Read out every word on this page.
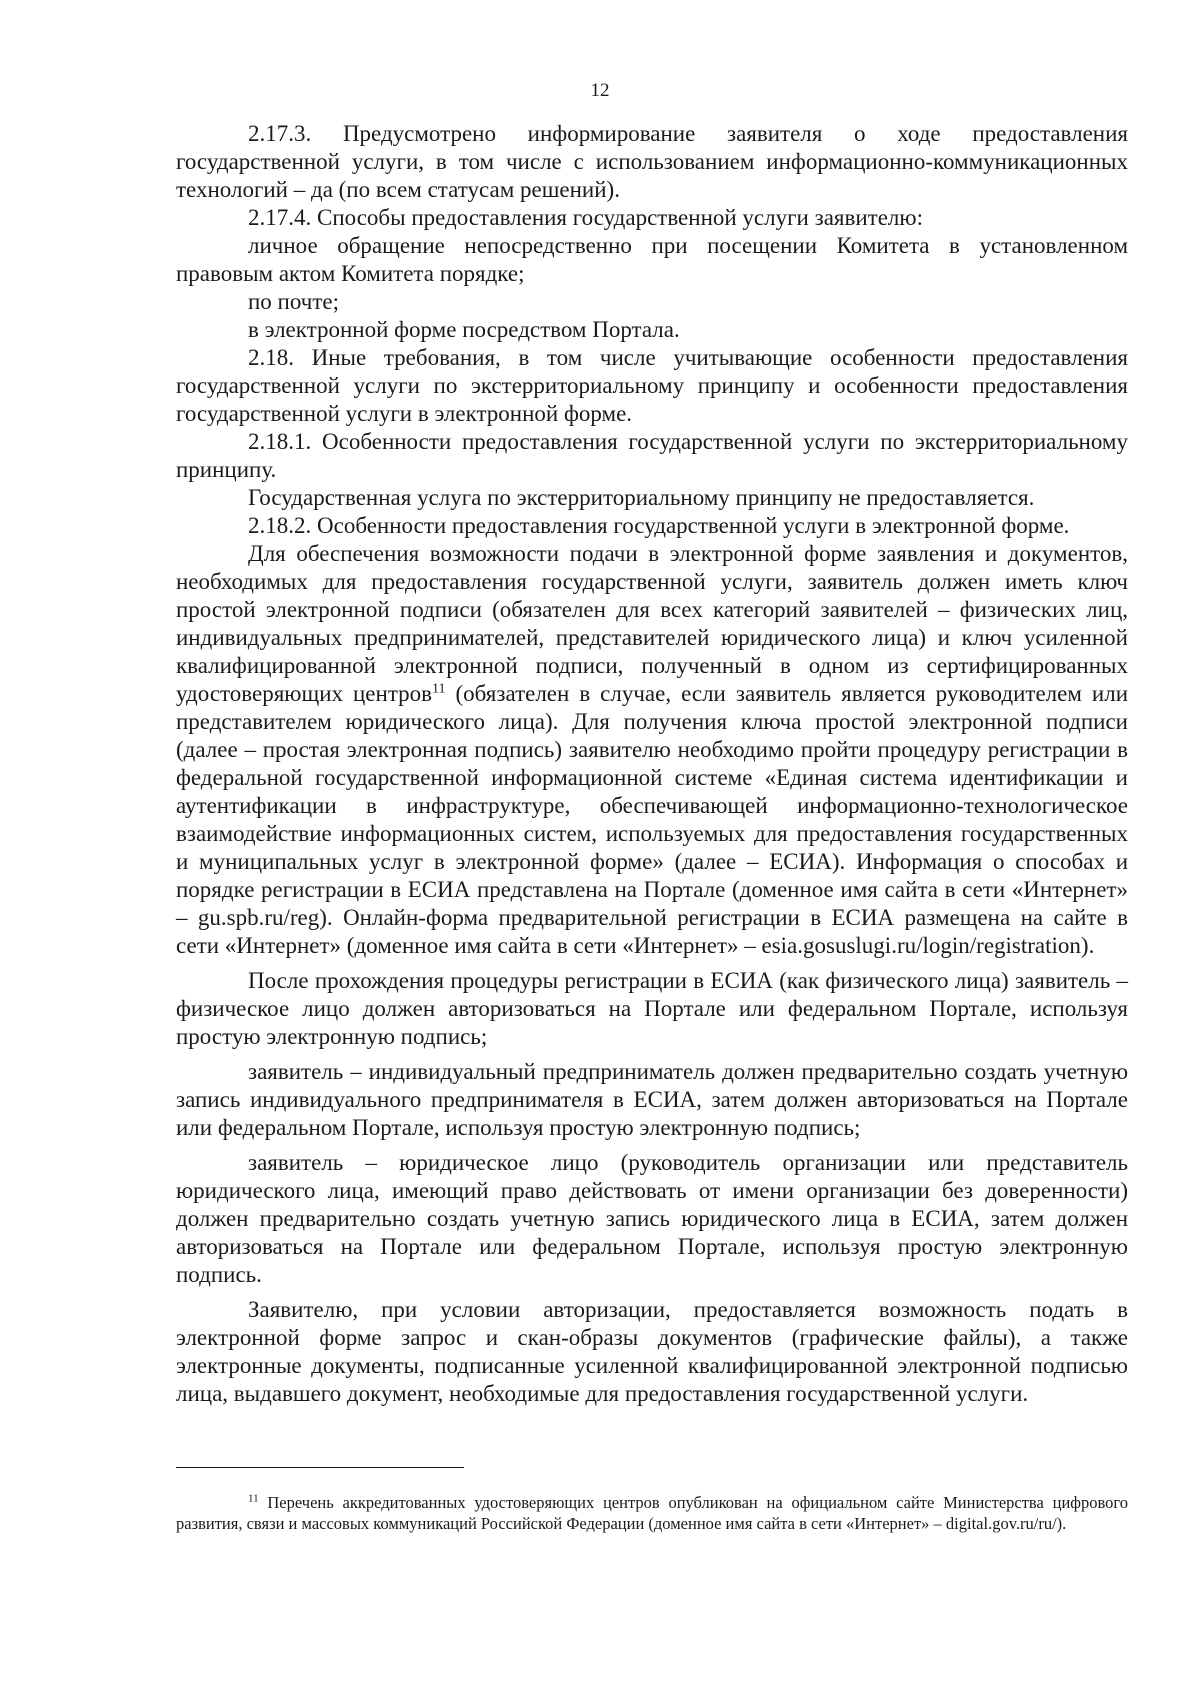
12

2.17.3. Предусмотрено информирование заявителя о ходе предоставления государственной услуги, в том числе с использованием информационно-коммуникационных технологий – да (по всем статусам решений).

2.17.4. Способы предоставления государственной услуги заявителю:

личное обращение непосредственно при посещении Комитета в установленном правовым актом Комитета порядке;

по почте;

в электронной форме посредством Портала.

2.18. Иные требования, в том числе учитывающие особенности предоставления государственной услуги по экстерриториальному принципу и особенности предоставления государственной услуги в электронной форме.

2.18.1. Особенности предоставления государственной услуги по экстерриториальному принципу.

Государственная услуга по экстерриториальному принципу не предоставляется.

2.18.2. Особенности предоставления государственной услуги в электронной форме.

Для обеспечения возможности подачи в электронной форме заявления и документов, необходимых для предоставления государственной услуги, заявитель должен иметь ключ простой электронной подписи (обязателен для всех категорий заявителей – физических лиц, индивидуальных предпринимателей, представителей юридического лица) и ключ усиленной квалифицированной электронной подписи, полученный в одном из сертифицированных удостоверяющих центров$^{11}$ (обязателен в случае, если заявитель является руководителем или представителем юридического лица). Для получения ключа простой электронной подписи (далее – простая электронная подпись) заявителю необходимо пройти процедуру регистрации в федеральной государственной информационной системе «Единая система идентификации и аутентификации в инфраструктуре, обеспечивающей информационно-технологическое взаимодействие информационных систем, используемых для предоставления государственных и муниципальных услуг в электронной форме» (далее – ЕСИА). Информация о способах и порядке регистрации в ЕСИА представлена на Портале (доменное имя сайта в сети «Интернет» – gu.spb.ru/reg). Онлайн-форма предварительной регистрации в ЕСИА размещена на сайте в сети «Интернет» (доменное имя сайта в сети «Интернет» – esia.gosuslugi.ru/login/registration).

После прохождения процедуры регистрации в ЕСИА (как физического лица) заявитель – физическое лицо должен авторизоваться на Портале или федеральном Портале, используя простую электронную подпись;

заявитель – индивидуальный предприниматель должен предварительно создать учетную запись индивидуального предпринимателя в ЕСИА, затем должен авторизоваться на Портале или федеральном Портале, используя простую электронную подпись;

заявитель – юридическое лицо (руководитель организации или представитель юридического лица, имеющий право действовать от имени организации без доверенности) должен предварительно создать учетную запись юридического лица в ЕСИА, затем должен авторизоваться на Портале или федеральном Портале, используя простую электронную подпись.

Заявителю, при условии авторизации, предоставляется возможность подать в электронной форме запрос и скан-образы документов (графические файлы), а также электронные документы, подписанные усиленной квалифицированной электронной подписью лица, выдавшего документ, необходимые для предоставления государственной услуги.

$^{11}$ Перечень аккредитованных удостоверяющих центров опубликован на официальном сайте Министерства цифрового развития, связи и массовых коммуникаций Российской Федерации (доменное имя сайта в сети «Интернет» – digital.gov.ru/ru/).
